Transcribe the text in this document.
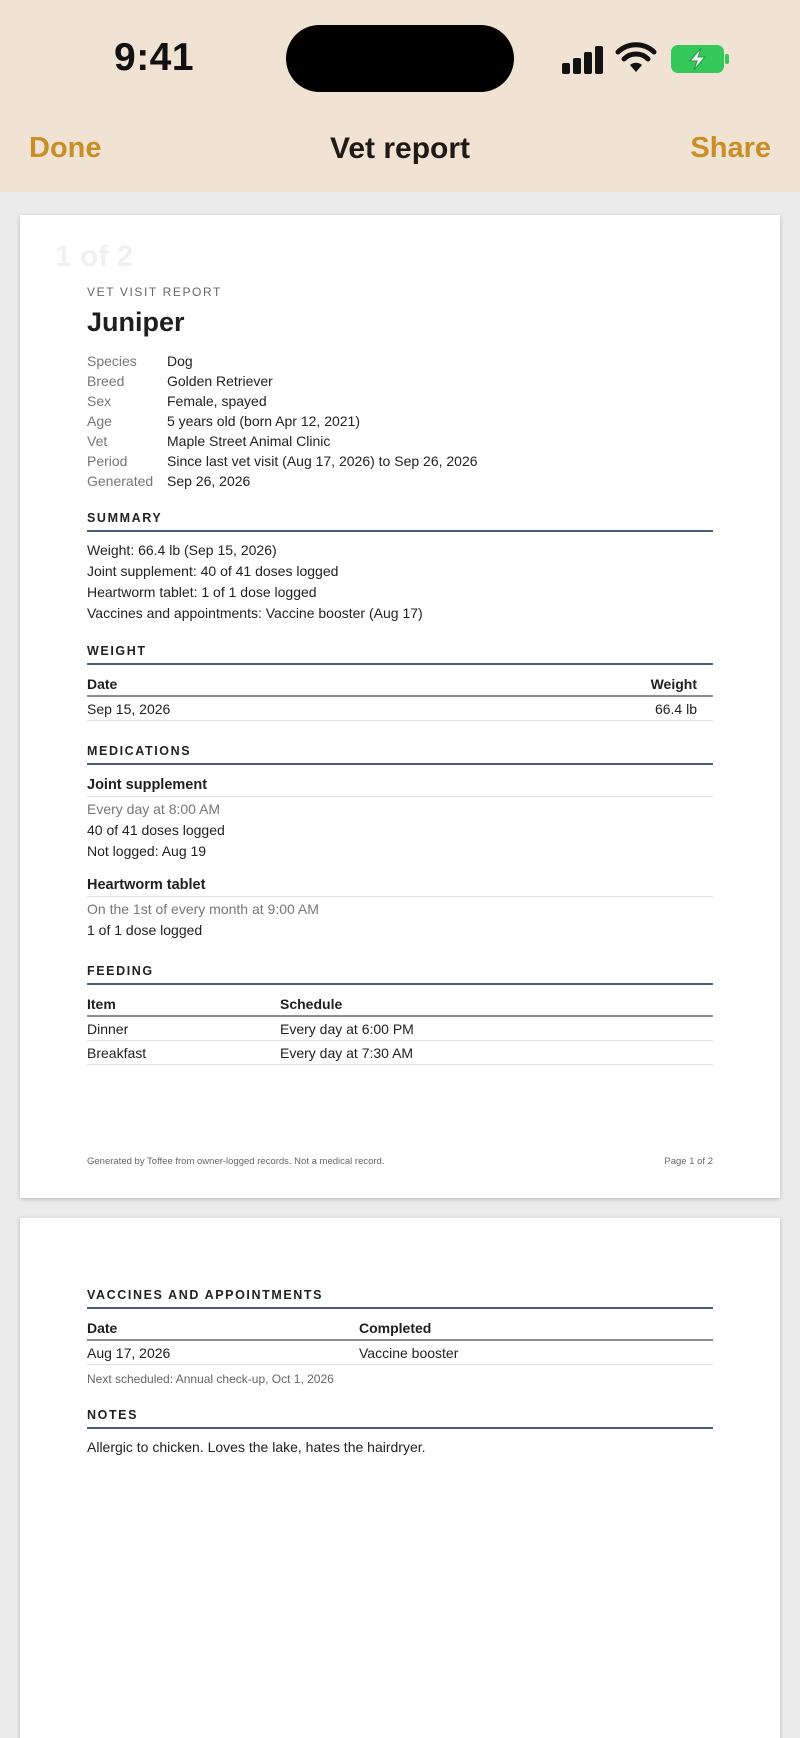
9:41
Done	Vet report	Share
1 of 2
VET VISIT REPORT
Juniper
Species	Dog
Breed	Golden Retriever
Sex	Female, spayed
Age	5 years old (born Apr 12, 2021)
Vet	Maple Street Animal Clinic
Period	Since last vet visit (Aug 17, 2026) to Sep 26, 2026
Generated Sep 26, 2026
SUMMARY
Weight: 66.4 lb (Sep 15, 2026)
Joint supplement: 40 of 41 doses logged
Heartworm tablet: 1 of 1 dose logged
Vaccines and appointments: Vaccine booster (Aug 17)
WEIGHT
Date	Weight
Sep 15, 2026	66.4 lb
MEDICATIONS
Joint supplement
Every day at 8:00 AM
40 of 41 doses logged
Not logged: Aug 19
Heartworm tablet
On the 1st of every month at 9:00 AM
1 of 1 dose logged
FEEDING
Item	Schedule
Dinner	Every day at 6:00 PM
Breakfast	Every day at 7:30 AM
Generated by Toffee from owner-logged records. Not a medical record.	Page 1 of 2
VACCINES AND APPOINTMENTS
Date	Completed
Aug 17, 2026	Vaccine booster
Next scheduled: Annual check-up, Oct 1, 2026
NOTES
Allergic to chicken. Loves the lake, hates the hairdryer.
